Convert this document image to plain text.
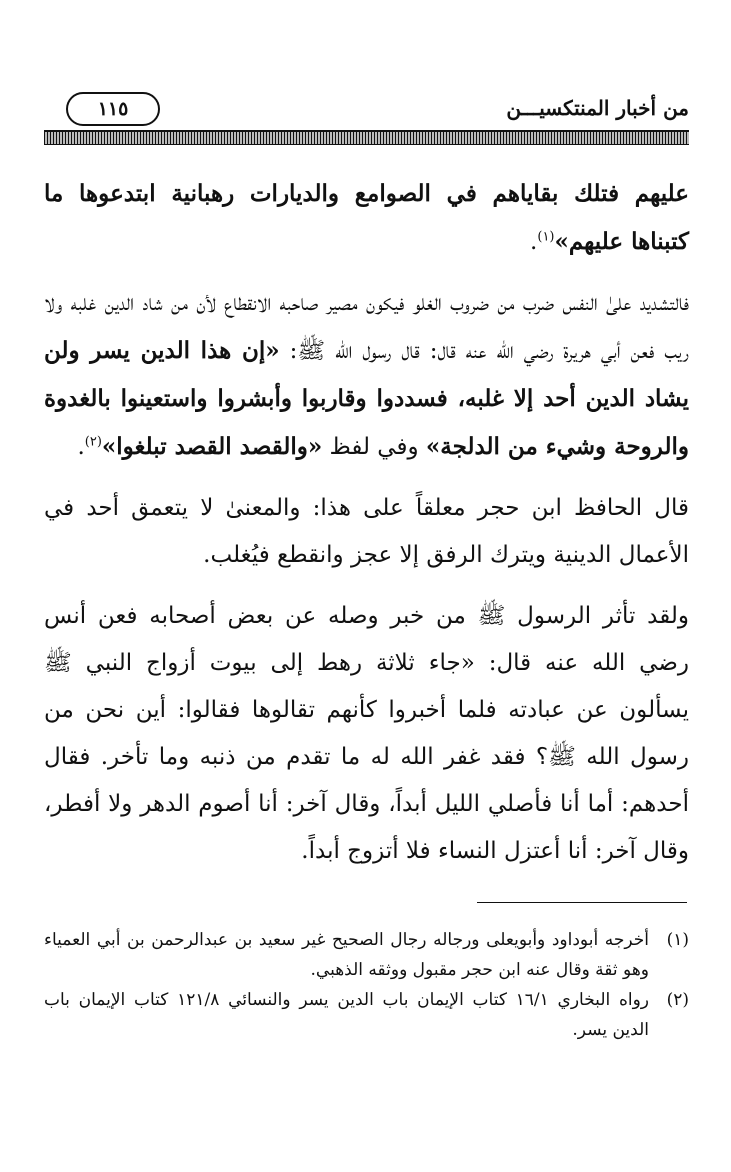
من أخبار المنتكسيـــن
١١٥

عليهم فتلك بقاياهم في الصوامع والديارات رهبانية ابتدعوها ما كتبناها عليهم»$^{(١)}$.

فالتشديد علىٰ النفس ضرب من ضروب الغلو فيكون مصير صاحبه الانقطاع لأن من شاد الدين غلبه ولا ريب فعن أبي هريرة رضي الله عنه قال: قال رسول الله ﷺ: «إن هذا الدين يسر ولن يشاد الدين أحد إلا غلبه، فسددوا وقاربوا وأبشروا واستعينوا بالغدوة والروحة وشيء من الدلجة» وفي لفظ «والقصد القصد تبلغوا»$^{(٢)}$.

قال الحافظ ابن حجر معلقاً على هذا: والمعنىٰ لا يتعمق أحد في الأعمال الدينية ويترك الرفق إلا عجز وانقطع فيُغلب.

ولقد تأثر الرسول ﷺ من خبر وصله عن بعض أصحابه فعن أنس رضي الله عنه قال: «جاء ثلاثة رهط إلى بيوت أزواج النبي ﷺ يسألون عن عبادته فلما أخبروا كأنهم تقالوها فقالوا: أين نحن من رسول الله ﷺ؟ فقد غفر الله له ما تقدم من ذنبه وما تأخر. فقال أحدهم: أما أنا فأصلي الليل أبداً، وقال آخر: أنا أصوم الدهر ولا أفطر، وقال آخر: أنا أعتزل النساء فلا أتزوج أبداً.

(١)
أخرجه أبوداود وأبويعلى ورجاله رجال الصحيح غير سعيد بن عبدالرحمن بن أبي العمياء وهو ثقة وقال عنه ابن حجر مقبول ووثقه الذهبي.
(٢)
رواه البخاري ١٦/١ كتاب الإيمان باب الدين يسر والنسائي ١٢١/٨ كتاب الإيمان باب الدين يسر.
